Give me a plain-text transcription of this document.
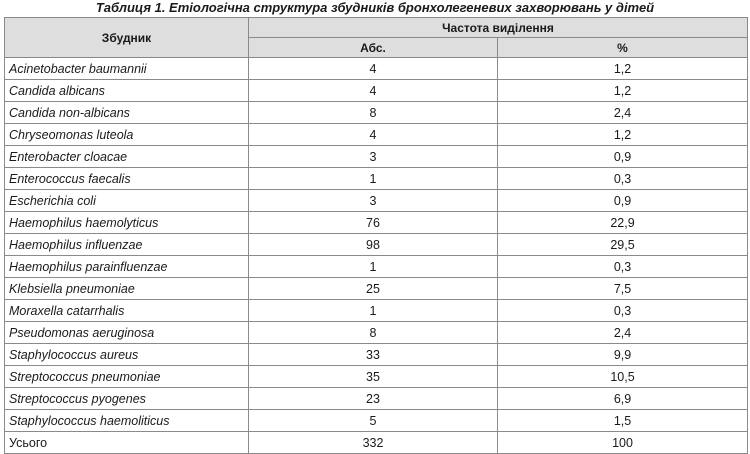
Таблиця 1. Етіологічна структура збудників бронхолегеневих захворювань у дітей
Збудник	Частота виділення	
	Абс.	%
Acinetobacter baumannii	4	1,2
Candida albicans	4	1,2
Candida non-albicans	8	2,4
Chryseomonas luteola	4	1,2
Enterobacter cloacae	3	0,9
Enterococcus faecalis	1	0,3
Escherichia coli	3	0,9
Haemophilus haemolyticus	76	22,9
Haemophilus influenzae	98	29,5
Haemophilus parainfluenzae	1	0,3
Klebsiella pneumoniae	25	7,5
Moraxella catarrhalis	1	0,3
Pseudomonas aeruginosa	8	2,4
Staphylococcus aureus	33	9,9
Streptococcus pneumoniae	35	10,5
Streptococcus pyogenes	23	6,9
Staphylococcus haemoliticus	5	1,5
Усього	332	100
